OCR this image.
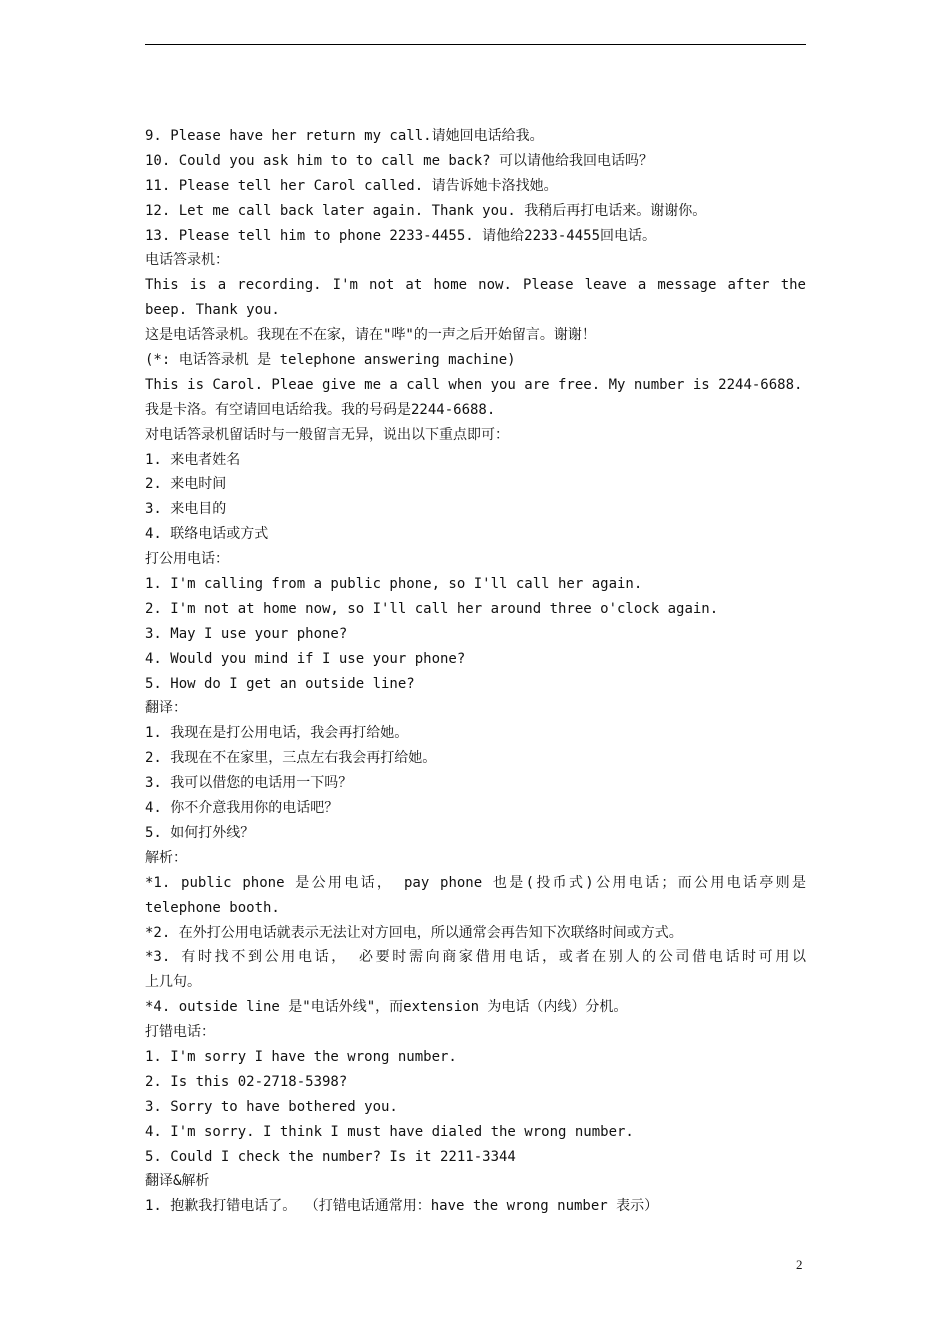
9. Please have her return my call.请她回电话给我。
10. Could you ask him to to call me back? 可以请他给我回电话吗？
11. Please tell her Carol called. 请告诉她卡洛找她。
12. Let me call back later again. Thank you. 我稍后再打电话来。谢谢你。
13. Please tell him to phone 2233-4455. 请他给2233-4455回电话。
电话答录机：
This is a recording. I'm not at home now. Please leave a message after the
beep. Thank you.
这是电话答录机。我现在不在家，请在"哔"的一声之后开始留言。谢谢！
(*: 电话答录机 是 telephone answering machine)
This is Carol. Pleae give me a call when you are free. My number is 2244-6688.
我是卡洛。有空请回电话给我。我的号码是2244-6688.
对电话答录机留话时与一般留言无异，说出以下重点即可：
1. 来电者姓名
2. 来电时间
3. 来电目的
4. 联络电话或方式
打公用电话：
1. I'm calling from a public phone, so I'll call her again.
2. I'm not at home now, so I'll call her around three o'clock again.
3. May I use your phone?
4. Would you mind if I use your phone?
5. How do I get an outside line?
翻译：
1. 我现在是打公用电话，我会再打给她。
2. 我现在不在家里，三点左右我会再打给她。
3. 我可以借您的电话用一下吗？
4. 你不介意我用你的电话吧？
5. 如何打外线？
解析：
*1. public phone 是公用电话， pay phone 也是(投币式)公用电话；而公用电话亭则是
telephone booth.
*2. 在外打公用电话就表示无法让对方回电，所以通常会再告知下次联络时间或方式。
*3. 有时找不到公用电话， 必要时需向商家借用电话，或者在别人的公司借电话时可用以
上几句。
*4. outside line 是"电话外线"，而extension 为电话（内线）分机。
打错电话：
1. I'm sorry I have the wrong number.
2. Is this 02-2718-5398?
3. Sorry to have bothered you.
4. I'm sorry. I think I must have dialed the wrong number.
5. Could I check the number? Is it 2211-3344
翻译&解析
1. 抱歉我打错电话了。 （打错电话通常用：have the wrong number 表示）
2
